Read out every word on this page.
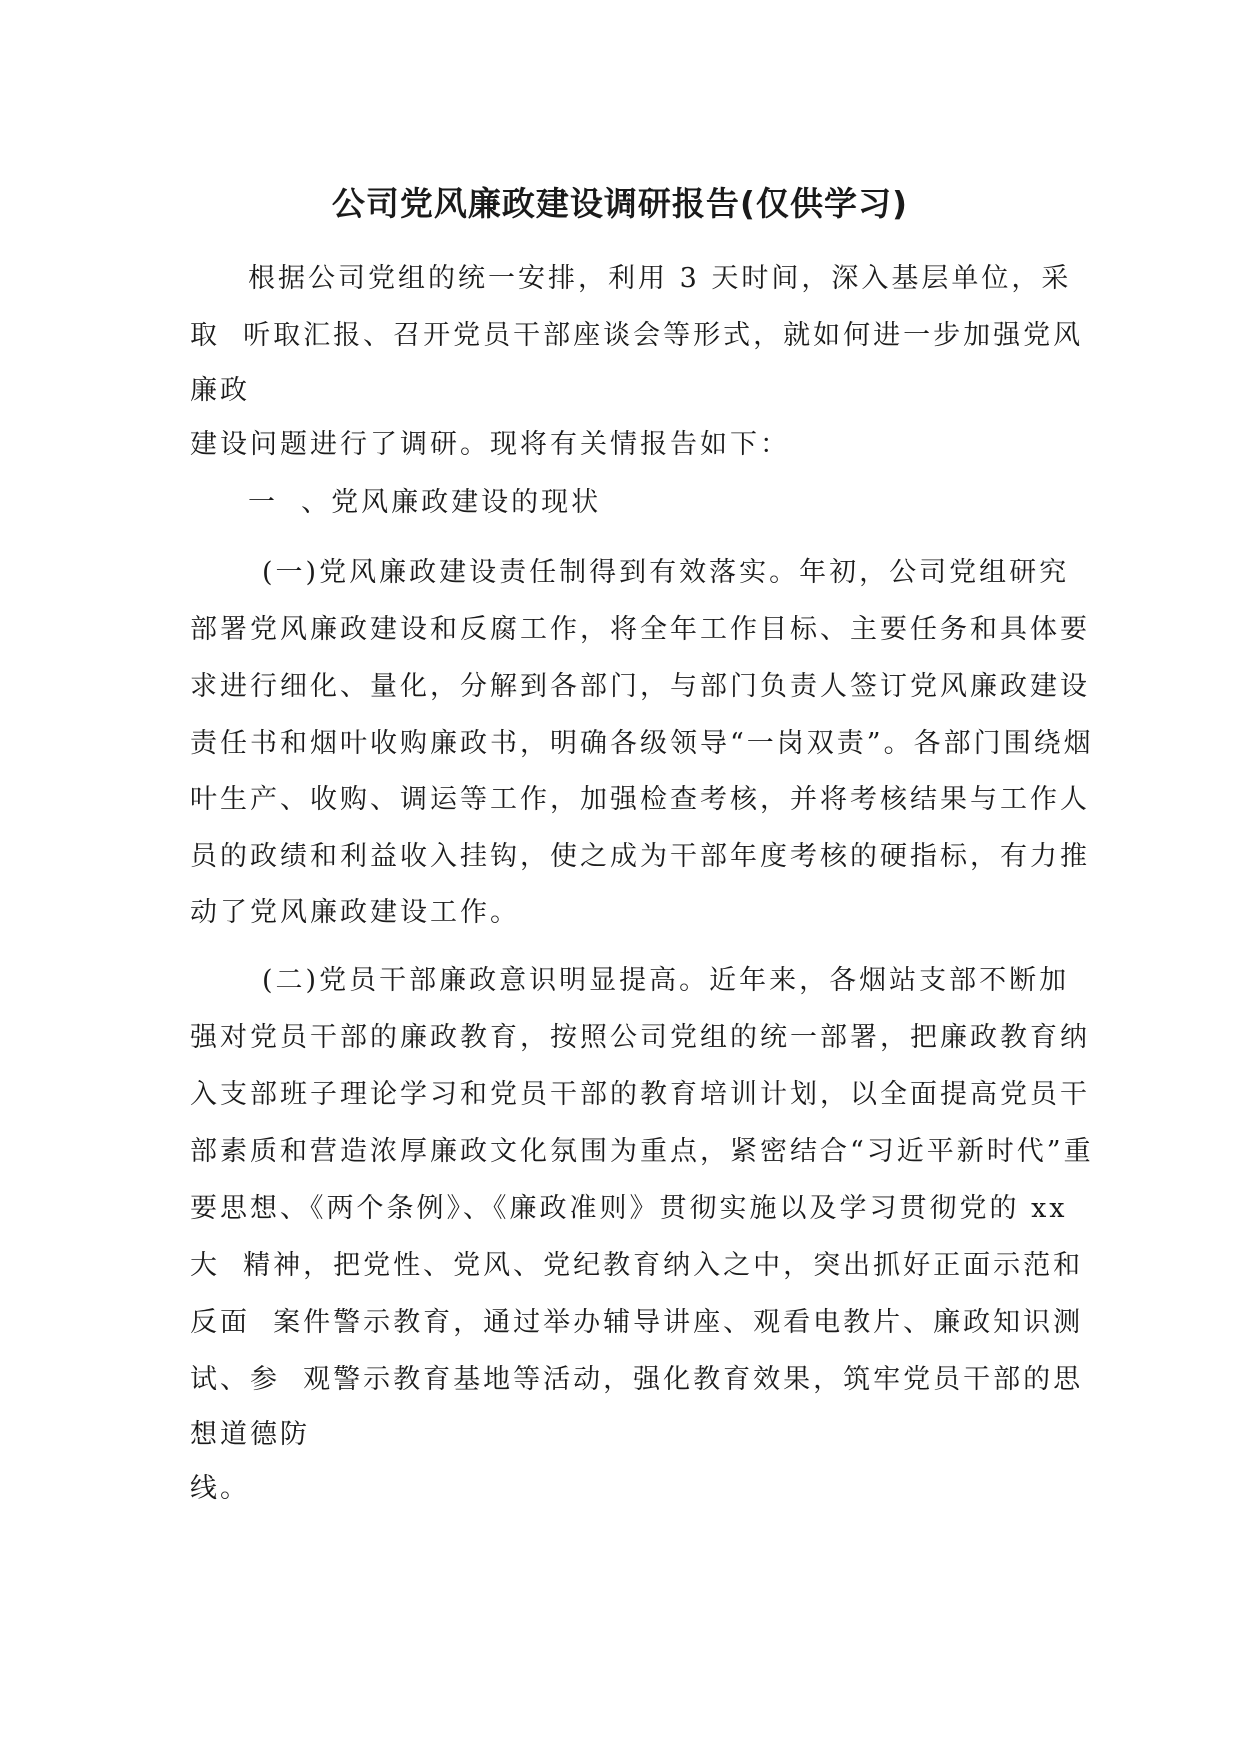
公司党风廉政建设调研报告(仅供学习)
根据公司党组的统一安排，利用 3 天时间，深入基层单位，采
取  听取汇报、召开党员干部座谈会等形式，就如何进一步加强党风
廉政
建设问题进行了调研。现将有关情报告如下：
一  、党风廉政建设的现状
(一)党风廉政建设责任制得到有效落实。年初，公司党组研究
部署党风廉政建设和反腐工作，将全年工作目标、主要任务和具体要
求进行细化、量化，分解到各部门，与部门负责人签订党风廉政建设
责任书和烟叶收购廉政书，明确各级领导“一岗双责”。各部门围绕烟
叶生产、收购、调运等工作，加强检查考核，并将考核结果与工作人
员的政绩和利益收入挂钩，使之成为干部年度考核的硬指标，有力推
动了党风廉政建设工作。
(二)党员干部廉政意识明显提高。近年来，各烟站支部不断加
强对党员干部的廉政教育，按照公司党组的统一部署，把廉政教育纳
入支部班子理论学习和党员干部的教育培训计划，以全面提高党员干
部素质和营造浓厚廉政文化氛围为重点，紧密结合“习近平新时代”重
要思想、《两个条例》、《廉政准则》贯彻实施以及学习贯彻党的 xx
大  精神，把党性、党风、党纪教育纳入之中，突出抓好正面示范和
反面  案件警示教育，通过举办辅导讲座、观看电教片、廉政知识测
试、参  观警示教育基地等活动，强化教育效果，筑牢党员干部的思
想道德防
线。
